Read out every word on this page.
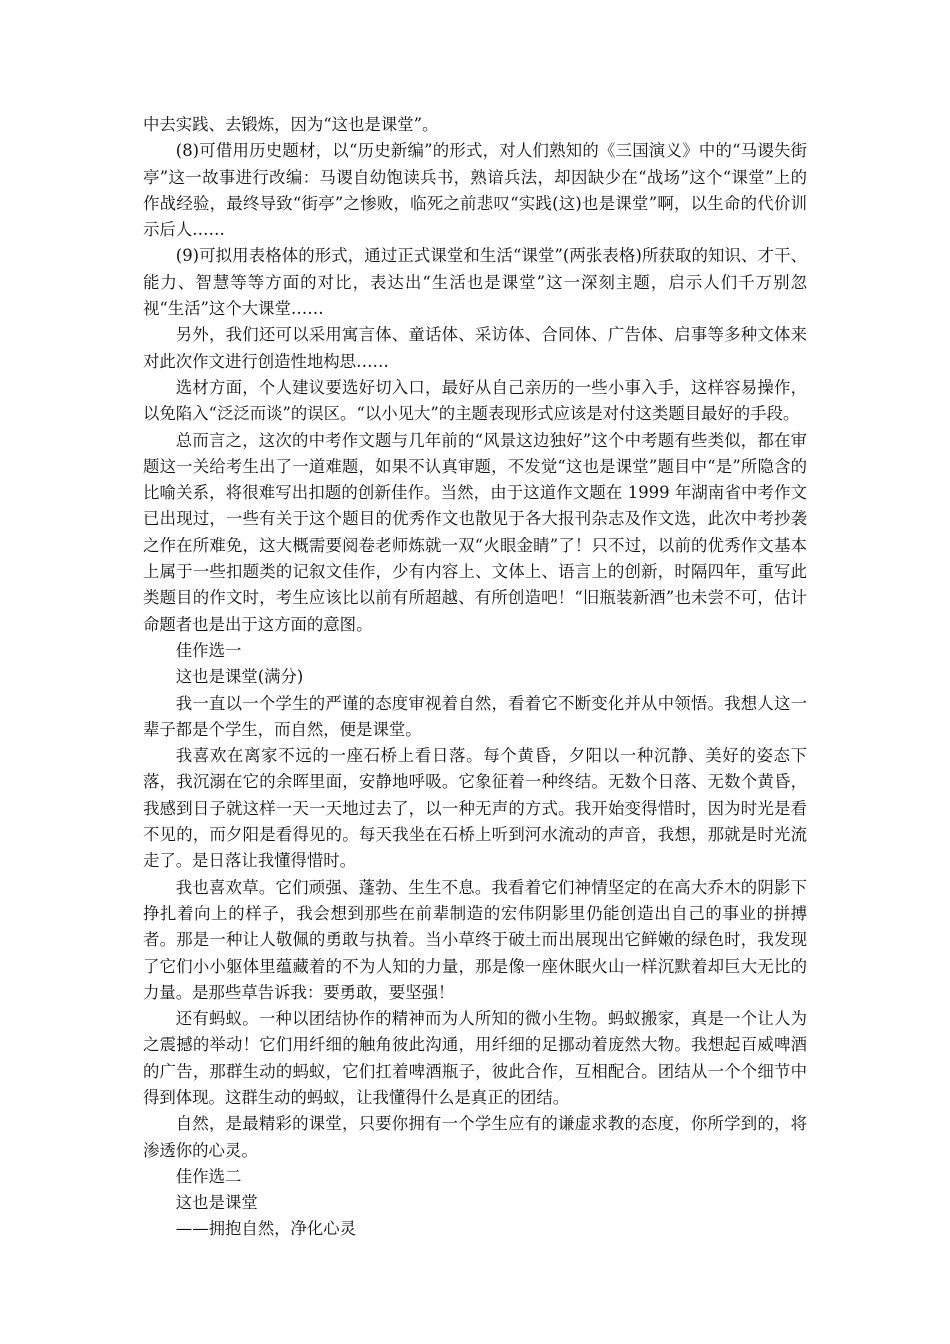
中去实践、去锻炼，因为“这也是课堂”。

(8)可借用历史题材，以“历史新编”的形式，对人们熟知的《三国演义》中的“马谡失街亭”这一故事进行改编：马谡自幼饱读兵书，熟谙兵法，却因缺少在“战场”这个“课堂”上的作战经验，最终导致“街亭”之惨败，临死之前悲叹“实践(这)也是课堂”啊，以生命的代价训示后人……

(9)可拟用表格体的形式，通过正式课堂和生活“课堂”(两张表格)所获取的知识、才干、能力、智慧等等方面的对比，表达出“生活也是课堂”这一深刻主题，启示人们千万别忽视“生活”这个大课堂……

另外，我们还可以采用寓言体、童话体、采访体、合同体、广告体、启事等多种文体来对此次作文进行创造性地构思……

选材方面，个人建议要选好切入口，最好从自己亲历的一些小事入手，这样容易操作，以免陷入“泛泛而谈”的误区。“以小见大”的主题表现形式应该是对付这类题目最好的手段。

总而言之，这次的中考作文题与几年前的“风景这边独好”这个中考题有些类似，都在审题这一关给考生出了一道难题，如果不认真审题，不发觉“这也是课堂”题目中“是”所隐含的比喻关系，将很难写出扣题的创新佳作。当然，由于这道作文题在 1999 年湖南省中考作文已出现过，一些有关于这个题目的优秀作文也散见于各大报刊杂志及作文选，此次中考抄袭之作在所难免，这大概需要阅卷老师炼就一双“火眼金睛”了！只不过，以前的优秀作文基本上属于一些扣题类的记叙文佳作，少有内容上、文体上、语言上的创新，时隔四年，重写此类题目的作文时，考生应该比以前有所超越、有所创造吧！“旧瓶装新酒”也未尝不可，估计命题者也是出于这方面的意图。

佳作选一

这也是课堂(满分)

我一直以一个学生的严谨的态度审视着自然，看着它不断变化并从中领悟。我想人这一辈子都是个学生，而自然，便是课堂。

我喜欢在离家不远的一座石桥上看日落。每个黄昏，夕阳以一种沉静、美好的姿态下落，我沉溺在它的余晖里面，安静地呼吸。它象征着一种终结。无数个日落、无数个黄昏，我感到日子就这样一天一天地过去了，以一种无声的方式。我开始变得惜时，因为时光是看不见的，而夕阳是看得见的。每天我坐在石桥上听到河水流动的声音，我想，那就是时光流走了。是日落让我懂得惜时。

我也喜欢草。它们顽强、蓬勃、生生不息。我看着它们神情坚定的在高大乔木的阴影下挣扎着向上的样子，我会想到那些在前辈制造的宏伟阴影里仍能创造出自己的事业的拼搏者。那是一种让人敬佩的勇敢与执着。当小草终于破土而出展现出它鲜嫩的绿色时，我发现了它们小小躯体里蕴藏着的不为人知的力量，那是像一座休眠火山一样沉默着却巨大无比的力量。是那些草告诉我：要勇敢，要坚强！

还有蚂蚁。一种以团结协作的精神而为人所知的微小生物。蚂蚁搬家，真是一个让人为之震撼的举动！它们用纤细的触角彼此沟通，用纤细的足挪动着庞然大物。我想起百威啤酒的广告，那群生动的蚂蚁，它们扛着啤酒瓶子，彼此合作，互相配合。团结从一个个细节中得到体现。这群生动的蚂蚁，让我懂得什么是真正的团结。

自然，是最精彩的课堂，只要你拥有一个学生应有的谦虚求教的态度，你所学到的，将渗透你的心灵。

佳作选二

这也是课堂

——拥抱自然，净化心灵
